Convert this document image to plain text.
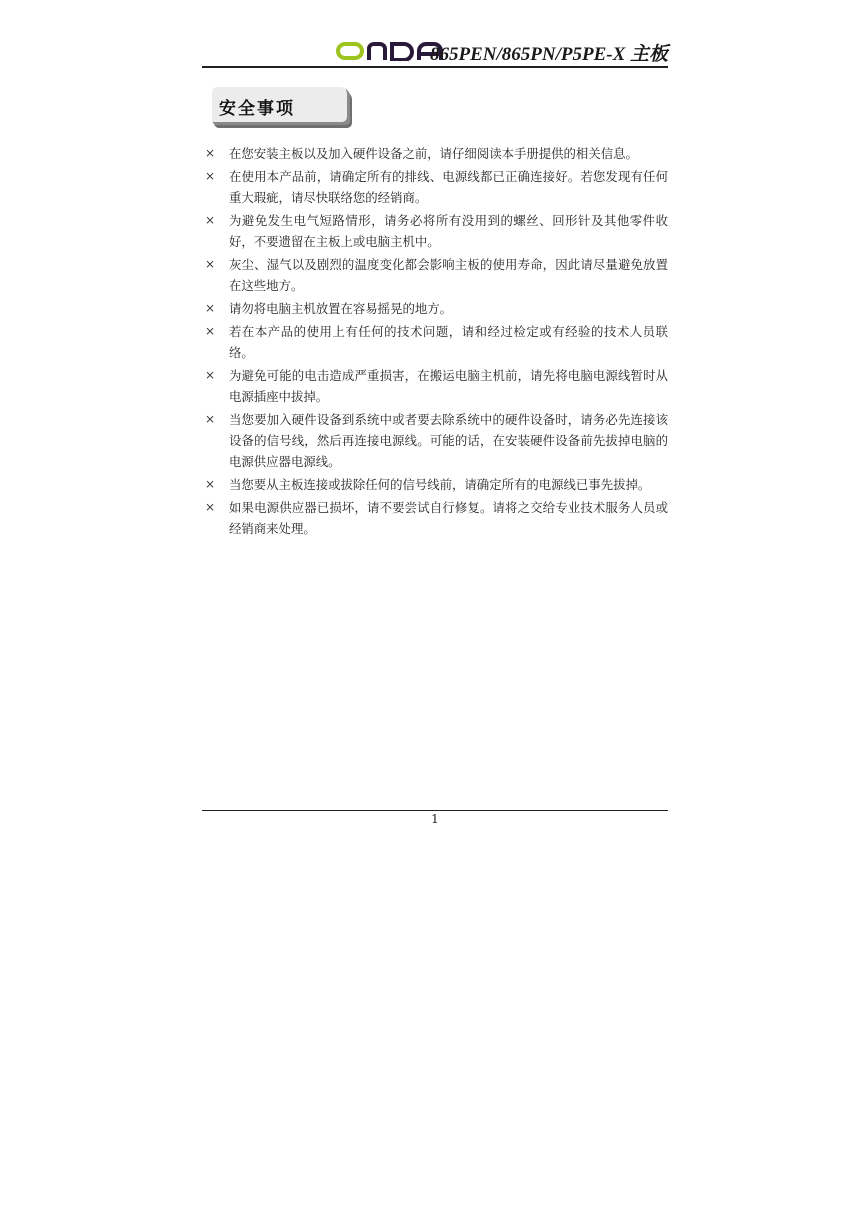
865PEN/865PN/P5PE-X 主板
安全事项
× 在您安装主板以及加入硬件设备之前，请仔细阅读本手册提供的相关信息。
× 在使用本产品前，请确定所有的排线、电源线都已正确连接好。若您发现有任何重大瑕疵，请尽快联络您的经销商。
× 为避免发生电气短路情形，请务必将所有没用到的螺丝、回形针及其他零件收好，不要遗留在主板上或电脑主机中。
× 灰尘、湿气以及剧烈的温度变化都会影响主板的使用寿命，因此请尽量避免放置在这些地方。
× 请勿将电脑主机放置在容易摇晃的地方。
× 若在本产品的使用上有任何的技术问题，请和经过检定或有经验的技术人员联络。
× 为避免可能的电击造成严重损害，在搬运电脑主机前，请先将电脑电源线暂时从电源插座中拔掉。
× 当您要加入硬件设备到系统中或者要去除系统中的硬件设备时，请务必先连接该设备的信号线，然后再连接电源线。可能的话，在安装硬件设备前先拔掉电脑的电源供应器电源线。
× 当您要从主板连接或拔除任何的信号线前，请确定所有的电源线已事先拔掉。
× 如果电源供应器已损坏，请不要尝试自行修复。请将之交给专业技术服务人员或经销商来处理。
1
